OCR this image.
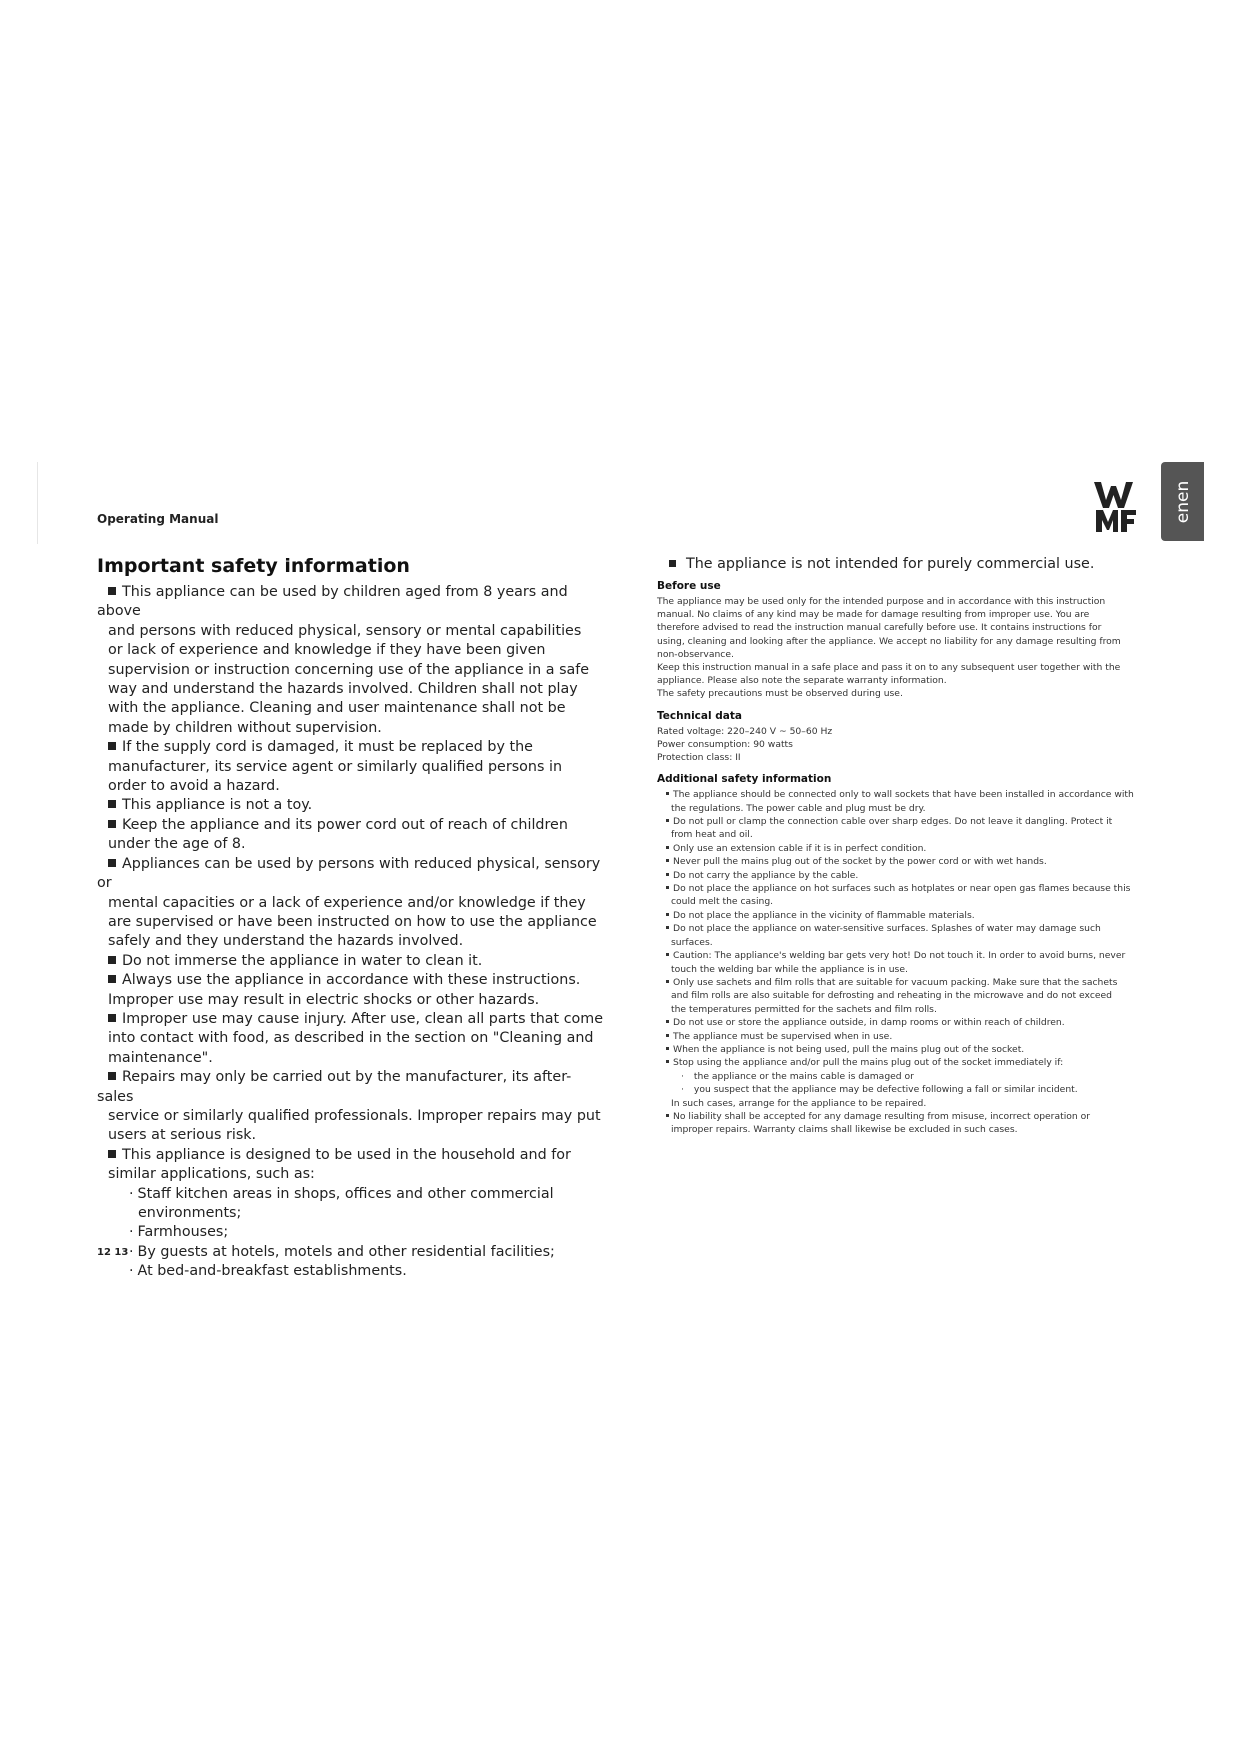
Operating Manual	enen
Important safety information

This appliance can be used by children aged from 8 years and above

and persons with reduced physical, sensory or mental capabilities

or lack of experience and knowledge if they have been given

supervision or instruction concerning use of the appliance in a safe

way and understand the hazards involved. Children shall not play

with the appliance. Cleaning and user maintenance shall not be

made by children without supervision.

If the supply cord is damaged, it must be replaced by the

manufacturer, its service agent or similarly qualified persons in

order to avoid a hazard.

This appliance is not a toy.

Keep the appliance and its power cord out of reach of children

under the age of 8.

Appliances can be used by persons with reduced physical, sensory or

mental capacities or a lack of experience and/or knowledge if they

are supervised or have been instructed on how to use the appliance

safely and they understand the hazards involved.

Do not immerse the appliance in water to clean it.

Always use the appliance in accordance with these instructions.

Improper use may result in electric shocks or other hazards.

Improper use may cause injury. After use, clean all parts that come

into contact with food, as described in the section on "Cleaning and

maintenance".

Repairs may only be carried out by the manufacturer, its after-sales

service or similarly qualified professionals. Improper repairs may put

users at serious risk.

This appliance is designed to be used in the household and for

similar applications, such as:

· Staff kitchen areas in shops, offices and other commercial

environments;

· Farmhouses;

· By guests at hotels, motels and other residential facilities;

· At bed-and-breakfast establishments.

The appliance is not intended for purely commercial use.

Before use

The appliance may be used only for the intended purpose and in accordance with this instruction

manual. No claims of any kind may be made for damage resulting from improper use. You are

therefore advised to read the instruction manual carefully before use. It contains instructions for

using, cleaning and looking after the appliance. We accept no liability for any damage resulting from

non-observance.

Keep this instruction manual in a safe place and pass it on to any subsequent user together with the

appliance. Please also note the separate warranty information.

The safety precautions must be observed during use.

Technical data

Rated voltage: 220–240 V ~ 50–60 Hz

Power consumption: 90 watts

Protection class: II

Additional safety information

The appliance should be connected only to wall sockets that have been installed in accordance with

the regulations. The power cable and plug must be dry.

Do not pull or clamp the connection cable over sharp edges. Do not leave it dangling. Protect it

from heat and oil.

Only use an extension cable if it is in perfect condition.

Never pull the mains plug out of the socket by the power cord or with wet hands.

Do not carry the appliance by the cable.

Do not place the appliance on hot surfaces such as hotplates or near open gas flames because this

could melt the casing.

Do not place the appliance in the vicinity of flammable materials.

Do not place the appliance on water-sensitive surfaces. Splashes of water may damage such

surfaces.

Caution: The appliance's welding bar gets very hot! Do not touch it. In order to avoid burns, never

touch the welding bar while the appliance is in use.

Only use sachets and film rolls that are suitable for vacuum packing. Make sure that the sachets

and film rolls are also suitable for defrosting and reheating in the microwave and do not exceed

the temperatures permitted for the sachets and film rolls.

Do not use or store the appliance outside, in damp rooms or within reach of children.

The appliance must be supervised when in use.

When the appliance is not being used, pull the mains plug out of the socket.

Stop using the appliance and/or pull the mains plug out of the socket immediately if:

· the appliance or the mains cable is damaged or

· you suspect that the appliance may be defective following a fall or similar incident.

In such cases, arrange for the appliance to be repaired.

No liability shall be accepted for any damage resulting from misuse, incorrect operation or

improper repairs. Warranty claims shall likewise be excluded in such cases.

12 13
